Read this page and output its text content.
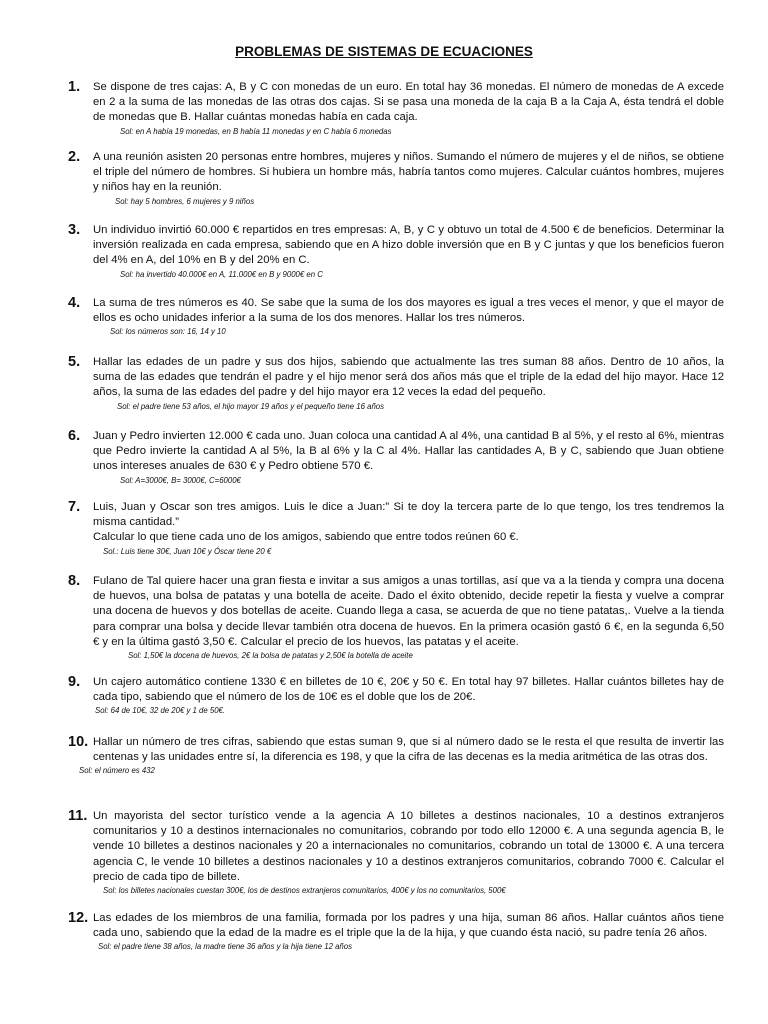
PROBLEMAS DE SISTEMAS DE ECUACIONES
1.	Se dispone de tres cajas: A, B y C con monedas de un euro. En total hay 36 monedas. El número de monedas de A excede en 2 a la suma de las monedas de las otras dos cajas. Si se pasa una moneda de la caja B a la Caja A, ésta tendrá el doble de monedas que B. Hallar cuántas monedas había en cada caja.
Sol: en A había 19 monedas, en B había 11 monedas y en C había 6 monedas
2.	A una reunión asisten 20 personas entre hombres, mujeres y niños. Sumando el número de mujeres y el de niños, se obtiene el triple del número de hombres. Si hubiera un hombre más, habría tantos como mujeres. Calcular cuántos hombres, mujeres y niños hay en la reunión.
Sol: hay 5 hombres, 6 mujeres y 9 niños
3.	Un individuo invirtió 60.000 € repartidos en tres empresas: A, B, y C y obtuvo un total de 4.500 € de beneficios. Determinar la inversión realizada en cada empresa, sabiendo que en A hizo doble inversión que en B y C juntas y que los beneficios fueron del 4% en A, del 10% en B y del 20% en C.
Sol: ha invertido 40.000€ en A, 11.000€ en B y 9000€ en C
4.	La suma de tres números es 40. Se sabe que la suma de los dos mayores es igual a tres veces el menor, y que el mayor de ellos es ocho unidades inferior a la suma de los dos menores. Hallar los tres números.
Sol: los números son: 16, 14 y 10
5.	Hallar las edades de un padre y sus dos hijos, sabiendo que actualmente las tres suman 88 años. Dentro de 10 años, la suma de las edades que tendrán el padre y el hijo menor será dos años más que el triple de la edad del hijo mayor. Hace 12 años, la suma de las edades del padre y del hijo mayor era 12 veces la edad del pequeño.
Sol: el padre tiene 53 años, el hijo mayor 19 años y el pequeño tiene 16 años
6.	Juan y Pedro invierten 12.000 € cada uno. Juan coloca una cantidad A al 4%, una cantidad B al 5%, y el resto al 6%, mientras que Pedro invierte la cantidad A al 5%, la B al 6% y la C al 4%. Hallar las cantidades A, B y C, sabiendo que Juan obtiene unos intereses anuales de 630 € y Pedro obtiene 570 €.
Sol: A=3000€, B= 3000€, C=6000€
7.	Luis, Juan y Oscar son tres amigos. Luis le dice a Juan:” Si te doy la tercera parte de lo que tengo, los tres tendremos la misma cantidad.”
Calcular lo que tiene cada uno de los amigos, sabiendo que entre todos reúnen 60 €.
Sol.: Luis tiene 30€, Juan 10€ y Óscar tiene 20 €
8.	Fulano de Tal quiere hacer una gran fiesta e invitar a sus amigos a unas tortillas, así que va a la tienda y compra una docena de huevos, una bolsa de patatas y una botella de aceite. Dado el éxito obtenido, decide repetir la fiesta y vuelve a comprar una docena de huevos y dos botellas de aceite. Cuando llega a casa, se acuerda de que no tiene patatas,. Vuelve a la tienda para comprar una bolsa y decide llevar también otra docena de huevos. En la primera ocasión gastó 6 €, en la segunda 6,50 € y en la última gastó 3,50 €. Calcular el precio de los huevos, las patatas y el aceite.
Sol: 1,50€ la docena de huevos, 2€ la bolsa de patatas y 2,50€ la botella de aceite
9.	Un cajero automático contiene 1330 € en billetes de 10 €, 20€ y 50 €. En total hay 97 billetes. Hallar cuántos billetes hay de cada tipo, sabiendo que el número de los de 10€ es el doble que los de 20€.
Sol: 64 de 10€, 32 de 20€ y 1 de 50€.
10. Hallar un número de tres cifras, sabiendo que estas suman 9, que si al número dado se le resta el que resulta de invertir las centenas y las unidades entre sí, la diferencia es 198, y que la cifra de las decenas es la media aritmética de las otras dos.
Sol: el número es 432
11. Un mayorista del sector turístico vende a la agencia A 10 billetes a destinos nacionales, 10 a destinos extranjeros comunitarios y 10 a destinos internacionales no comunitarios, cobrando por todo ello 12000 €. A una segunda agencia B, le vende 10 billetes a destinos nacionales y 20 a internacionales no comunitarios, cobrando un total de 13000 €. A una tercera agencia C, le vende 10 billetes a destinos nacionales y 10 a destinos extranjeros comunitarios, cobrando 7000 €. Calcular el precio de cada tipo de billete.
Sol: los billetes nacionales cuestan 300€, los de destinos extranjeros comunitarios, 400€ y los no comunitarios, 500€
12. Las edades de los miembros de una familia, formada por los padres y una hija, suman 86 años. Hallar cuántos años tiene cada uno, sabiendo que la edad de la madre es el triple que la de la hija, y que cuando ésta nació, su padre tenía 26 años.
Sol: el padre tiene 38 años, la madre tiene 36 años y la hija tiene 12 años
